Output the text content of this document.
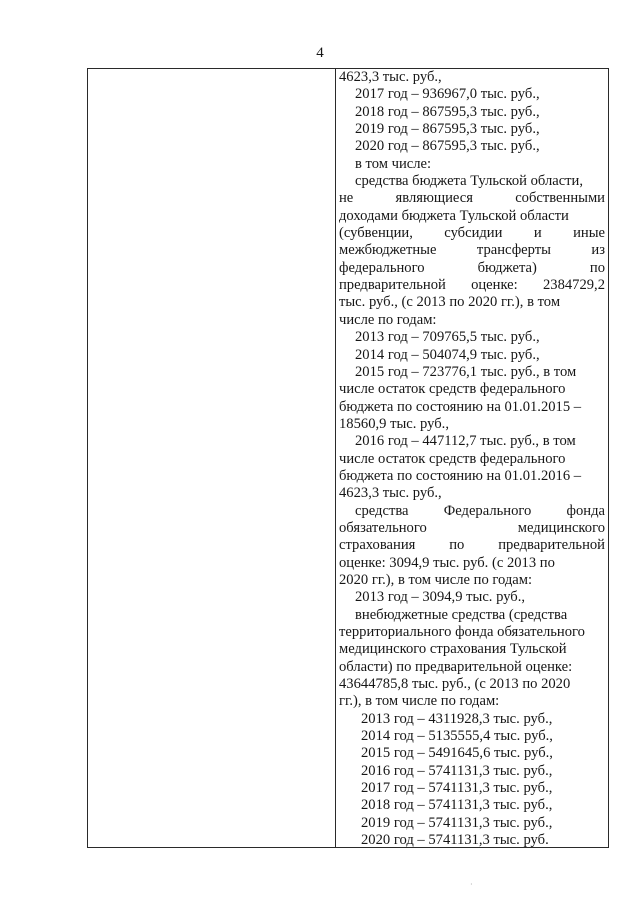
4
4623,3 тыс. руб.,
2017 год – 936967,0 тыс. руб.,
2018 год – 867595,3 тыс. руб.,
2019 год – 867595,3 тыс. руб.,
2020 год – 867595,3 тыс. руб.,
в том числе:
средства бюджета Тульской области,
не	являющиеся	собственными
доходами бюджета Тульской области
(субвенции, субсидии и иные
межбюджетные	трансферты	из
федерального	бюджета)	по
предварительной оценке: 2384729,2
тыс. руб., (с 2013 по 2020 гг.), в том
числе по годам:
2013 год – 709765,5 тыс. руб.,
2014 год – 504074,9 тыс. руб.,
2015 год – 723776,1 тыс. руб., в том
числе остаток средств федерального
бюджета по состоянию на 01.01.2015 –
18560,9 тыс. руб.,
2016 год – 447112,7 тыс. руб., в том
числе остаток средств федерального
бюджета по состоянию на 01.01.2016 –
4623,3 тыс. руб.,
средства Федерального фонда
обязательного	медицинского
страхования по предварительной
оценке: 3094,9 тыс. руб. (с 2013 по
2020 гг.), в том числе по годам:
2013 год – 3094,9 тыс. руб.,
внебюджетные средства (средства
территориального фонда обязательного
медицинского страхования Тульской
области) по предварительной оценке:
43644785,8 тыс. руб., (с 2013 по 2020
гг.), в том числе по годам:
2013 год – 4311928,3 тыс. руб.,
2014 год – 5135555,4 тыс. руб.,
2015 год – 5491645,6 тыс. руб.,
2016 год – 5741131,3 тыс. руб.,
2017 год – 5741131,3 тыс. руб.,
2018 год – 5741131,3 тыс. руб.,
2019 год – 5741131,3 тыс. руб.,
2020 год – 5741131,3 тыс. руб.
·
